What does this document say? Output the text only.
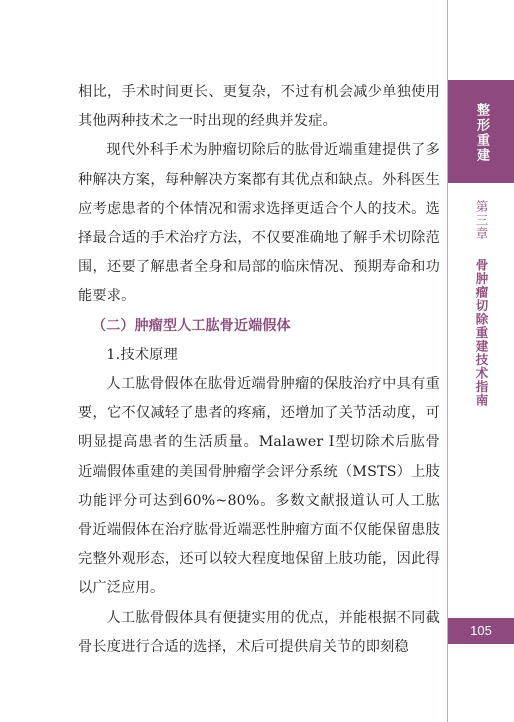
相比，手术时间更长、更复杂，不过有机会减少单独使用其他两种技术之一时出现的经典并发症。

现代外科手术为肿瘤切除后的肱骨近端重建提供了多种解决方案，每种解决方案都有其优点和缺点。外科医生应考虑患者的个体情况和需求选择更适合个人的技术。选择最合适的手术治疗方法，不仅要准确地了解手术切除范围，还要了解患者全身和局部的临床情况、预期寿命和功能要求。

（二）肿瘤型人工肱骨近端假体

1.技术原理

人工肱骨假体在肱骨近端骨肿瘤的保肢治疗中具有重要，它不仅减轻了患者的疼痛，还增加了关节活动度，可明显提高患者的生活质量。Malawer Ⅰ型切除术后肱骨近端假体重建的美国骨肿瘤学会评分系统（MSTS）上肢功能评分可达到60%~80%。多数文献报道认可人工肱骨近端假体在治疗肱骨近端恶性肿瘤方面不仅能保留患肢完整外观形态，还可以较大程度地保留上肢功能，因此得以广泛应用。

人工肱骨假体具有便捷实用的优点，并能根据不同截骨长度进行合适的选择，术后可提供肩关节的即刻稳

整形重建
第三章骨肿瘤切除重建技术指南
105
